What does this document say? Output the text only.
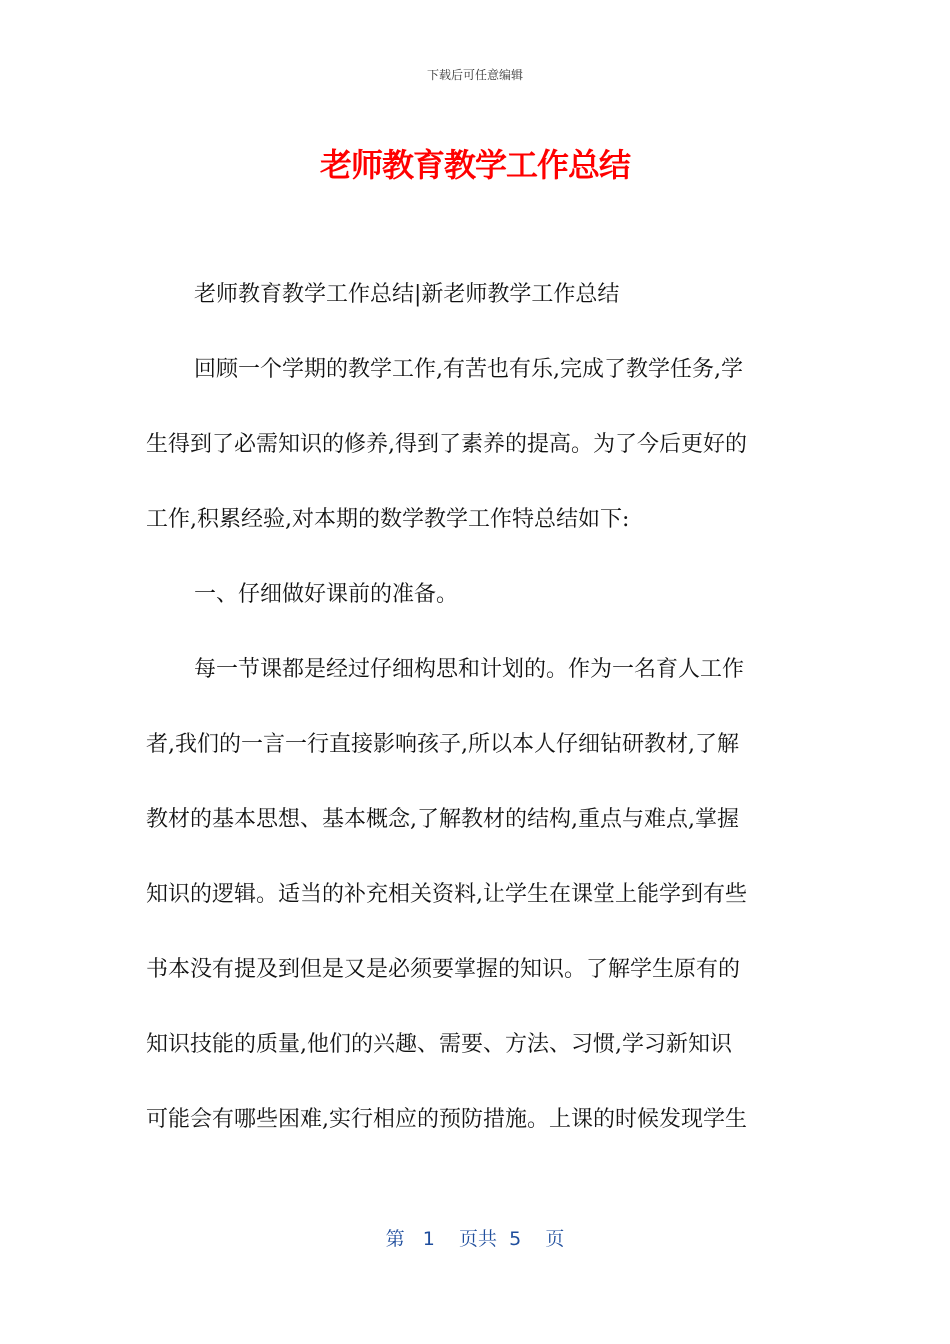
下载后可任意编辑
老师教育教学工作总结
老师教育教学工作总结|新老师教学工作总结
回顾一个学期的教学工作,有苦也有乐,完成了教学任务,学
生得到了必需知识的修养,得到了素养的提高。为了今后更好的
工作,积累经验,对本期的数学教学工作特总结如下:
一、仔细做好课前的准备。
每一节课都是经过仔细构思和计划的。作为一名育人工作
者,我们的一言一行直接影响孩子,所以本人仔细钻研教材,了解
教材的基本思想、基本概念,了解教材的结构,重点与难点,掌握
知识的逻辑。适当的补充相关资料,让学生在课堂上能学到有些
书本没有提及到但是又是必须要掌握的知识。了解学生原有的
知识技能的质量,他们的兴趣、需要、方法、习惯,学习新知识
可能会有哪些困难,实行相应的预防措施。上课的时候发现学生
第 1 页共 5 页
